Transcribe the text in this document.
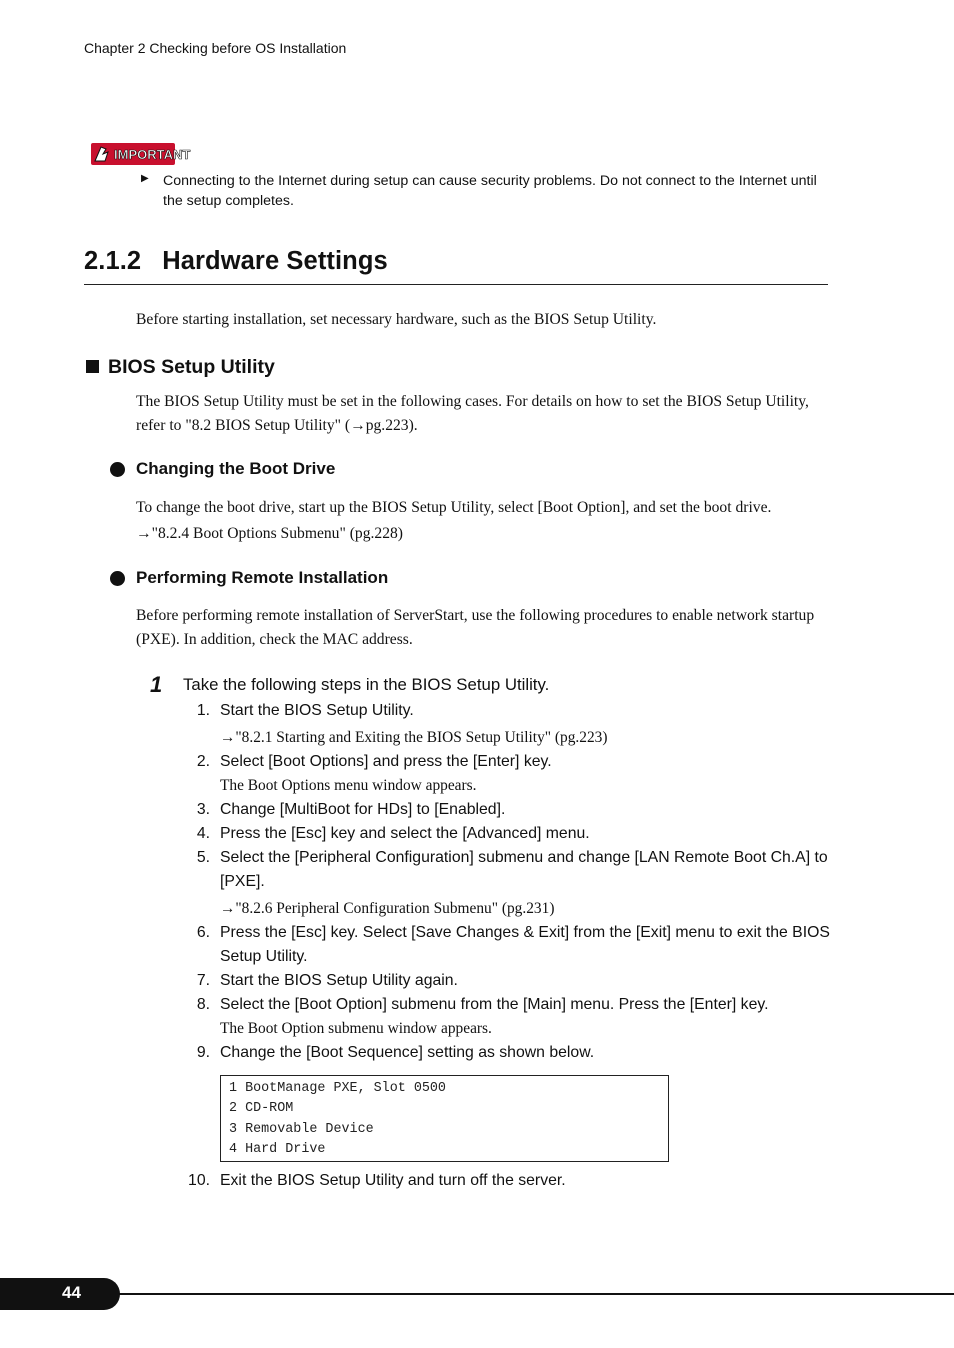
Chapter 2 Checking before OS Installation
IMPORTANT
▶ Connecting to the Internet during setup can cause security problems. Do not connect to the Internet until the setup completes.
2.1.2 Hardware Settings
Before starting installation, set necessary hardware, such as the BIOS Setup Utility.
BIOS Setup Utility
The BIOS Setup Utility must be set in the following cases. For details on how to set the BIOS Setup Utility, refer to "8.2 BIOS Setup Utility" (→pg.223).
Changing the Boot Drive
To change the boot drive, start up the BIOS Setup Utility, select [Boot Option], and set the boot drive.
→"8.2.4 Boot Options Submenu" (pg.228)
Performing Remote Installation
Before performing remote installation of ServerStart, use the following procedures to enable network startup (PXE). In addition, check the MAC address.
1 Take the following steps in the BIOS Setup Utility.
1. Start the BIOS Setup Utility.
→"8.2.1 Starting and Exiting the BIOS Setup Utility" (pg.223)
2. Select [Boot Options] and press the [Enter] key.
The Boot Options menu window appears.
3. Change [MultiBoot for HDs] to [Enabled].
4. Press the [Esc] key and select the [Advanced] menu.
5. Select the [Peripheral Configuration] submenu and change [LAN Remote Boot Ch.A] to [PXE].
→"8.2.6 Peripheral Configuration Submenu" (pg.231)
6. Press the [Esc] key. Select [Save Changes & Exit] from the [Exit] menu to exit the BIOS Setup Utility.
7. Start the BIOS Setup Utility again.
8. Select the [Boot Option] submenu from the [Main] menu. Press the [Enter] key.
The Boot Option submenu window appears.
9. Change the [Boot Sequence] setting as shown below.
1 BootManage PXE, Slot 0500
2 CD-ROM
3 Removable Device
4 Hard Drive
10. Exit the BIOS Setup Utility and turn off the server.
44
